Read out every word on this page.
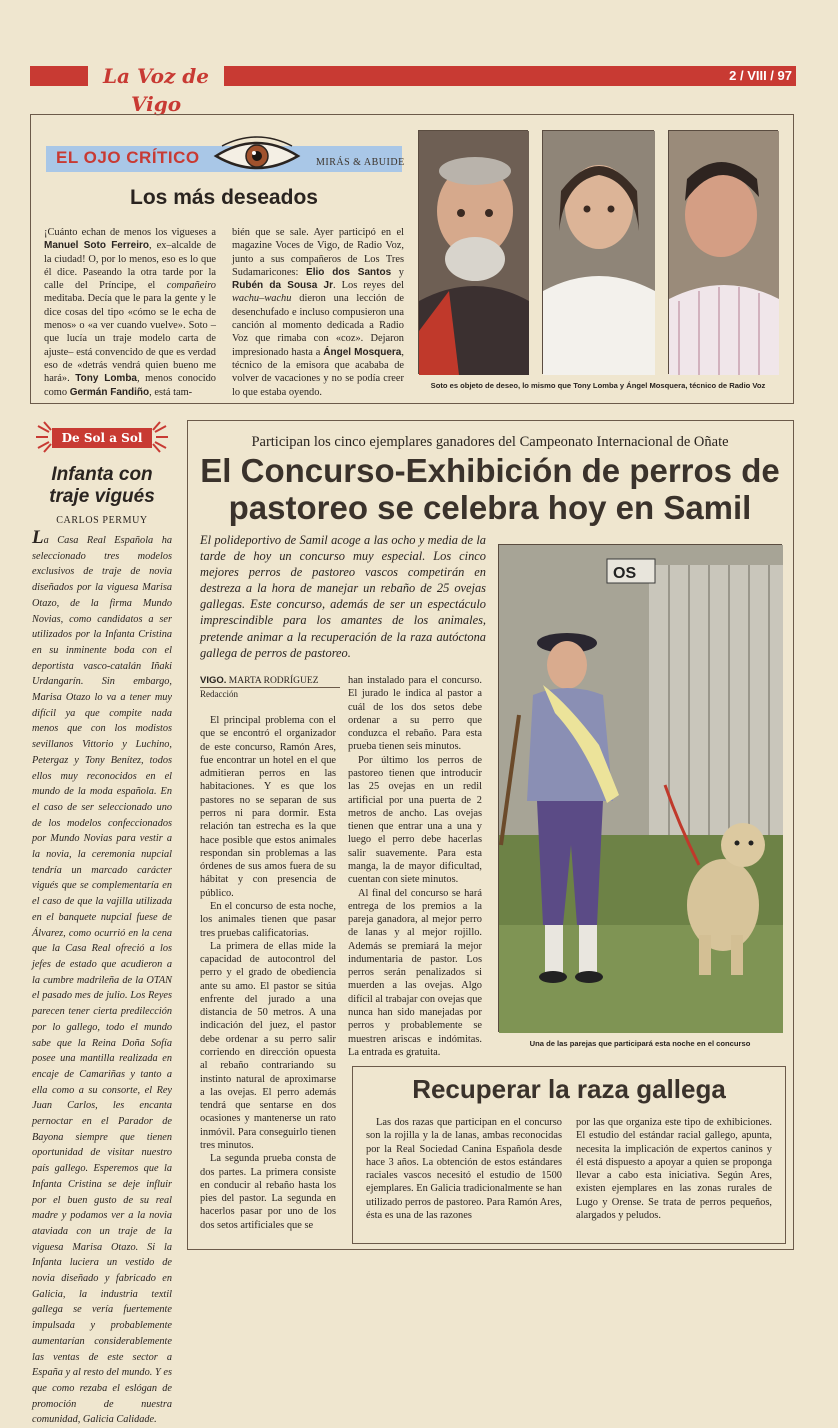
La Voz de Vigo
2 / VIII / 97
EL OJO CRÍTICO	MIRÁS & ABUIDE
Los más deseados
¡Cuánto echan de menos los vigueses a Manuel Soto Ferreiro, ex–alcalde de la ciudad! O, por lo menos, eso es lo que él dice. Paseando la otra tarde por la calle del Príncipe, el compañeiro meditaba. Decía que le para la gente y le dice cosas del tipo «cómo se le echa de menos» o «a ver cuando vuelve». Soto –que lucía un traje modelo carta de ajuste– está convencido de que es verdad eso de «detrás vendrá quien bueno me hará». Tony Lomba, menos conocido como Germán Fandiño, está tam-
bién que se sale. Ayer participó en el magazine Voces de Vigo, de Radio Voz, junto a sus compañeros de Los Tres Sudamaricones: Elio dos Santos y Rubén da Sousa Jr. Los reyes del wachu–wachu dieron una lección de desenchufado e incluso compusieron una canción al momento dedicada a Radio Voz que rimaba con «coz». Dejaron impresionado hasta a Ángel Mosquera, técnico de la emisora que acababa de volver de vacaciones y no se podía creer lo que estaba oyendo.
Soto es objeto de deseo, lo mismo que Tony Lomba y Ángel Mosquera, técnico de Radio Voz
De Sol a Sol
Infanta con traje vigués
CARLOS PERMUY
La Casa Real Española ha seleccionado tres modelos exclusivos de traje de novia diseñados por la viguesa Marisa Otazo, de la firma Mundo Novias, como candidatos a ser utilizados por la Infanta Cristina en su inminente boda con el deportista vasco-catalán Iñaki Urdangarín. Sin embargo, Marisa Otazo lo va a tener muy difícil ya que compite nada menos que con los modistos sevillanos Vittorio y Luchino, Petergaz y Tony Benítez, todos ellos muy reconocidos en el mundo de la moda española. En el caso de ser seleccionado uno de los modelos confeccionados por Mundo Novias para vestir a la novia, la ceremonia nupcial tendría un marcado carácter vigués que se complementaría en el caso de que la vajilla utilizada en el banquete nupcial fuese de Álvarez, como ocurrió en la cena que la Casa Real ofreció a los jefes de estado que acudieron a la cumbre madrileña de la OTAN el pasado mes de julio. Los Reyes parecen tener cierta predilección por lo gallego, todo el mundo sabe que la Reina Doña Sofía posee una mantilla realizada en encaje de Camariñas y tanto a ella como a su consorte, el Rey Juan Carlos, les encanta pernoctar en el Parador de Bayona siempre que tienen oportunidad de visitar nuestro país gallego. Esperemos que la Infanta Cristina se deje influir por el buen gusto de su real madre y podamos ver a la novia ataviada con un traje de la viguesa Marisa Otazo. Si la Infanta luciera un vestido de novia diseñado y fabricado en Galicia, la industria textil gallega se vería fuertemente impulsada y probablemente aumentarían considerablemente las ventas de este sector a España y al resto del mundo. Y es que como rezaba el eslógan de promoción de nuestra comunidad, Galicia Calidade.
Participan los cinco ejemplares ganadores del Campeonato Internacional de Oñate
El Concurso-Exhibición de perros de pastoreo se celebra hoy en Samil
El polideportivo de Samil acoge a las ocho y media de la tarde de hoy un concurso muy especial. Los cinco mejores perros de pastoreo vascos competirán en destreza a la hora de manejar un rebaño de 25 ovejas gallegas. Este concurso, además de ser un espectáculo imprescindible para los amantes de los animales, pretende animar a la recuperación de la raza autóctona gallega de perros de pastoreo.
VIGO. MARTA RODRÍGUEZ
Redacción

El principal problema con el que se encontró el organizador de este concurso, Ramón Ares, fue encontrar un hotel en el que admitieran perros en las habitaciones. Y es que los pastores no se separan de sus perros ni para dormir. Esta relación tan estrecha es la que hace posible que estos animales respondan sin problemas a las órdenes de sus amos fuera de su hábitat y con presencia de público.

En el concurso de esta noche, los animales tienen que pasar tres pruebas calificatorias.

La primera de ellas mide la capacidad de autocontrol del perro y el grado de obediencia ante su amo. El pastor se sitúa enfrente del jurado a una distancia de 50 metros. A una indicación del juez, el pastor debe ordenar a su perro salir corriendo en dirección opuesta al rebaño contrariando su instinto natural de aproximarse a las ovejas. El perro además tendrá que sentarse en dos ocasiones y mantenerse un rato inmóvil. Para conseguirlo tienen tres minutos.

La segunda prueba consta de dos partes. La primera consiste en conducir al rebaño hasta los pies del pastor. La segunda en hacerlos pasar por uno de los dos setos artificiales que se

han instalado para el concurso. El jurado le indica al pastor a cuál de los dos setos debe ordenar a su perro que conduzca el rebaño. Para esta prueba tienen seis minutos.

Por último los perros de pastoreo tienen que introducir las 25 ovejas en un redil artificial por una puerta de 2 metros de ancho. Las ovejas tienen que entrar una a una y luego el perro debe hacerlas salir suavemente. Para esta manga, la de mayor dificultad, cuentan con siete minutos.

Al final del concurso se hará entrega de los premios a la pareja ganadora, al mejor perro de lanas y al mejor rojillo. Además se premiará la mejor indumentaria de pastor. Los perros serán penalizados si muerden a las ovejas. Algo difícil al trabajar con ovejas que nunca han sido manejadas por perros y probablemente se muestren ariscas e indómitas. La entrada es gratuita.

OS
Una de las parejas que participará esta noche en el concurso
Recuperar la raza gallega
Las dos razas que participan en el concurso son la rojilla y la de lanas, ambas reconocidas por la Real Sociedad Canina Española desde hace 3 años. La obtención de estos estándares raciales vascos necesitó el estudio de 1500 ejemplares. En Galicia tradicionalmente se han utilizado perros de pastoreo. Para Ramón Ares, ésta es una de las razones
por las que organiza este tipo de exhibiciones. El estudio del estándar racial gallego, apunta, necesita la implicación de expertos caninos y él está dispuesto a apoyar a quien se proponga llevar a cabo esta iniciativa. Según Ares, existen ejemplares en las zonas rurales de Lugo y Orense. Se trata de perros pequeños, alargados y peludos.
